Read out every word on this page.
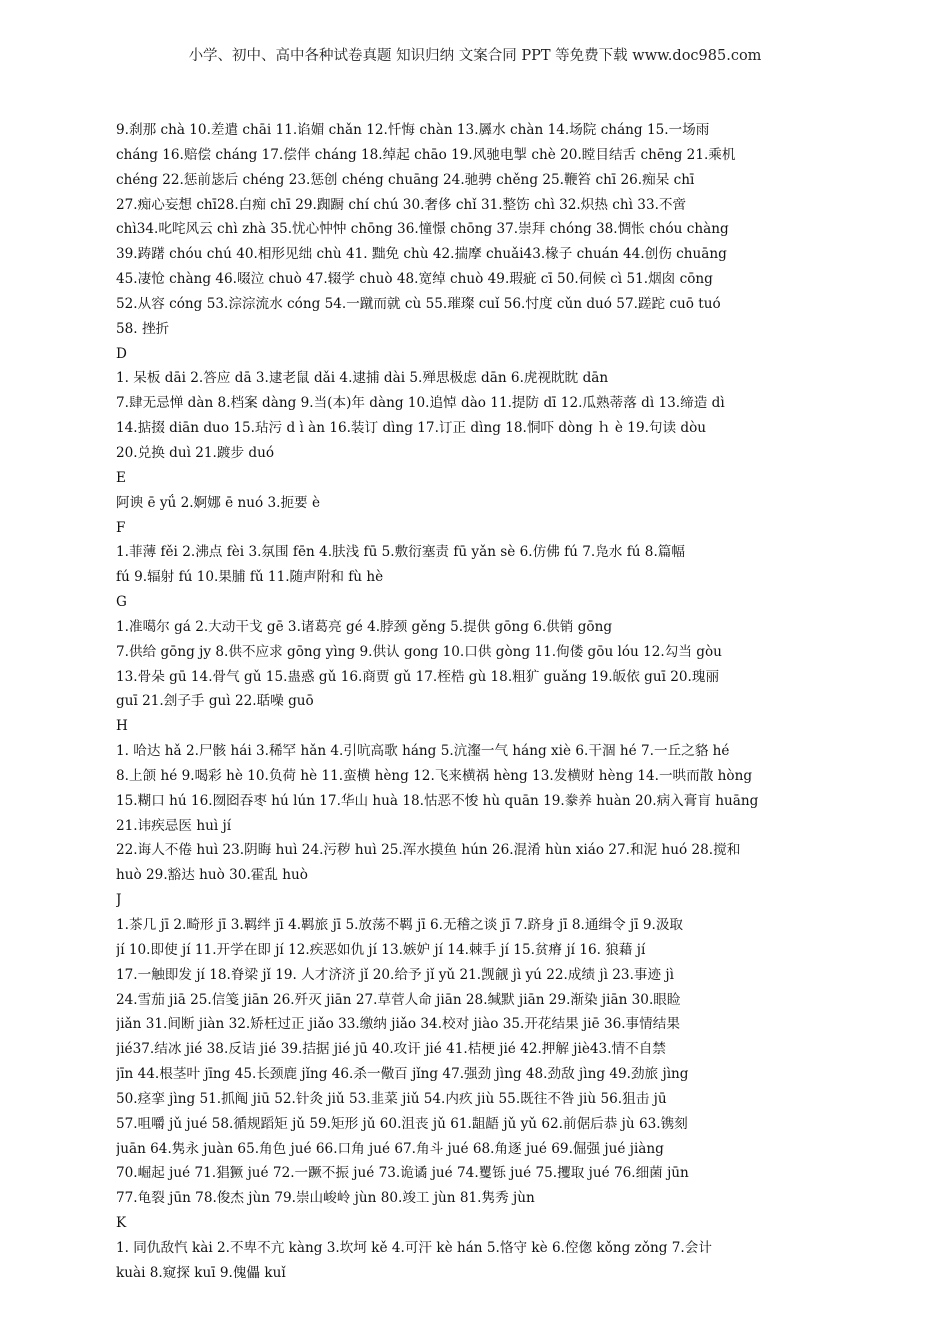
小学、初中、高中各种试卷真题 知识归纳 文案合同 PPT 等免费下载 www.doc985.com
9.刹那 chà 10.差遣 chāi 11.谄媚 chǎn 12.忏悔 chàn 13.羼水 chàn 14.场院 cháng 15.一场雨
cháng 16.赔偿 cháng 17.偿伴 cháng 18.绰起 chāo 19.风驰电掣 chè 20.瞠目结舌 chēng 21.乘机
chéng 22.惩前毖后 chéng 23.惩创 chéng chuāng 24.驰骋 chěng 25.鞭笞 chī 26.痴呆 chī
27.痴心妄想 chī28.白痴 chī 29.踟蹰 chí chú 30.奢侈 chǐ 31.整饬 chì 32.炽热 chì 33.不啻
chì34.叱咤风云 chì zhà 35.忧心忡忡 chōng 36.憧憬 chōng 37.崇拜 chóng 38.惆怅 chóu chàng
39.踌躇 chóu chú 40.相形见绌 chù 41. 黜免 chù 42.揣摩 chuǎi43.椽子 chuán 44.创伤 chuāng
45.凄怆 chàng 46.啜泣 chuò 47.辍学 chuò 48.宽绰 chuò 49.瑕疵 cī 50.伺候 cì 51.烟囱 cōng
52.从容 cóng 53.淙淙流水 cóng 54.一蹴而就 cù 55.璀璨 cuǐ 56.忖度 cǔn duó 57.蹉跎 cuō tuó
58. 挫折
D
1. 呆板 dāi 2.答应 dā 3.逮老鼠 dǎi 4.逮捕 dài 5.殚思极虑 dān 6.虎视眈眈 dān
7.肆无忌惮 dàn 8.档案 dàng 9.当(本)年 dàng 10.追悼 dào 11.提防 dī 12.瓜熟蒂落 dì 13.缔造 dì
14.掂掇 diān duo 15.玷污 d ì àn 16.装订 dìng 17.订正 dìng 18.恫吓 dòng ｈ è 19.句读 dòu
20.兑换 duì 21.踱步 duó
E
阿谀 ē yǘ 2.婀娜 ē nuó 3.扼要 è
F
1.菲薄 fěi 2.沸点 fèi 3.氛围 fēn 4.肤浅 fū 5.敷衍塞责 fū yǎn sè 6.仿佛 fú 7.凫水 fú 8.篇幅
fú 9.辐射 fú 10.果脯 fǔ 11.随声附和 fù hè
G
1.准噶尔 gá 2.大动干戈 gē 3.诸葛亮 gé 4.脖颈 gěng 5.提供 gōng 6.供销 gōng
7.供给 gōng jy 8.供不应求 gōng yìng 9.供认 gong 10.口供 gòng 11.佝偻 gōu lóu 12.勾当 gòu
13.骨朵 gū 14.骨气 gǔ 15.蛊惑 gǔ 16.商贾 gǔ 17.桎梏 gù 18.粗犷 guǎng 19.皈依 guī 20.瑰丽
guī 21.刽子手 guì 22.聒噪 guō
H
1. 哈达 hǎ 2.尸骸 hái 3.稀罕 hǎn 4.引吭高歌 háng 5.沆瀣一气 háng xiè 6.干涸 hé 7.一丘之貉 hé
8.上颌 hé 9.喝彩 hè 10.负荷 hè 11.蛮横 hèng 12.飞来横祸 hèng 13.发横财 hèng 14.一哄而散 hòng
15.糊口 hú 16.囫囵吞枣 hú lún 17.华山 huà 18.怙恶不悛 hù quān 19.豢养 huàn 20.病入膏肓 huāng
21.讳疾忌医 huì jí
22.诲人不倦 huì 23.阴晦 huì 24.污秽 huì 25.浑水摸鱼 hún 26.混淆 hùn xiáo 27.和泥 huó 28.搅和
huò 29.豁达 huò 30.霍乱 huò
J
1.茶几 jī 2.畸形 jī 3.羁绊 jī 4.羁旅 jī 5.放荡不羁 jī 6.无稽之谈 jī 7.跻身 jī 8.通缉令 jī 9.汲取
jí 10.即使 jí 11.开学在即 jí 12.疾恶如仇 jí 13.嫉妒 jí 14.棘手 jí 15.贫瘠 jí 16. 狼藉 jí
17.一触即发 jí 18.脊梁 jǐ 19. 人才济济 jǐ 20.给予 jǐ yǔ 21.觊觎 jì yú 22.成绩 jì 23.事迹 jì
24.雪茄 jiā 25.信笺 jiān 26.歼灭 jiān 27.草菅人命 jiān 28.缄默 jiān 29.渐染 jiān 30.眼睑
jiǎn 31.间断 jiàn 32.矫枉过正 jiǎo 33.缴纳 jiǎo 34.校对 jiào 35.开花结果 jiē 36.事情结果
jié37.结冰 jié 38.反诘 jié 39.拮据 jié jū 40.攻讦 jié 41.桔梗 jié 42.押解 jiè43.情不自禁
jīn 44.根茎叶 jīng 45.长颈鹿 jǐng 46.杀一儆百 jǐng 47.强劲 jìng 48.劲敌 jìng 49.劲旅 jìng
50.痉挛 jìng 51.抓阄 jiū 52.针灸 jiǔ 53.韭菜 jiǔ 54.内疚 jiù 55.既往不咎 jiù 56.狙击 jū
57.咀嚼 jǔ jué 58.循规蹈矩 jǔ 59.矩形 jǔ 60.沮丧 jǔ 61.龃龉 jǔ yǔ 62.前倨后恭 jù 63.镌刻
juān 64.隽永 juàn 65.角色 jué 66.口角 jué 67.角斗 jué 68.角逐 jué 69.倔强 jué jiàng
70.崛起 jué 71.猖獗 jué 72.一蹶不振 jué 73.诡谲 jué 74.矍铄 jué 75.攫取 jué 76.细菌 jūn
77.龟裂 jūn 78.俊杰 jùn 79.崇山峻岭 jùn 80.竣工 jùn 81.隽秀 jùn
K
1. 同仇敌忾 kài 2.不卑不亢 kàng 3.坎坷 kě 4.可汗 kè hán 5.恪守 kè 6.倥偬 kǒng zǒng 7.会计
kuài 8.窥探 kuī 9.傀儡 kuǐ
